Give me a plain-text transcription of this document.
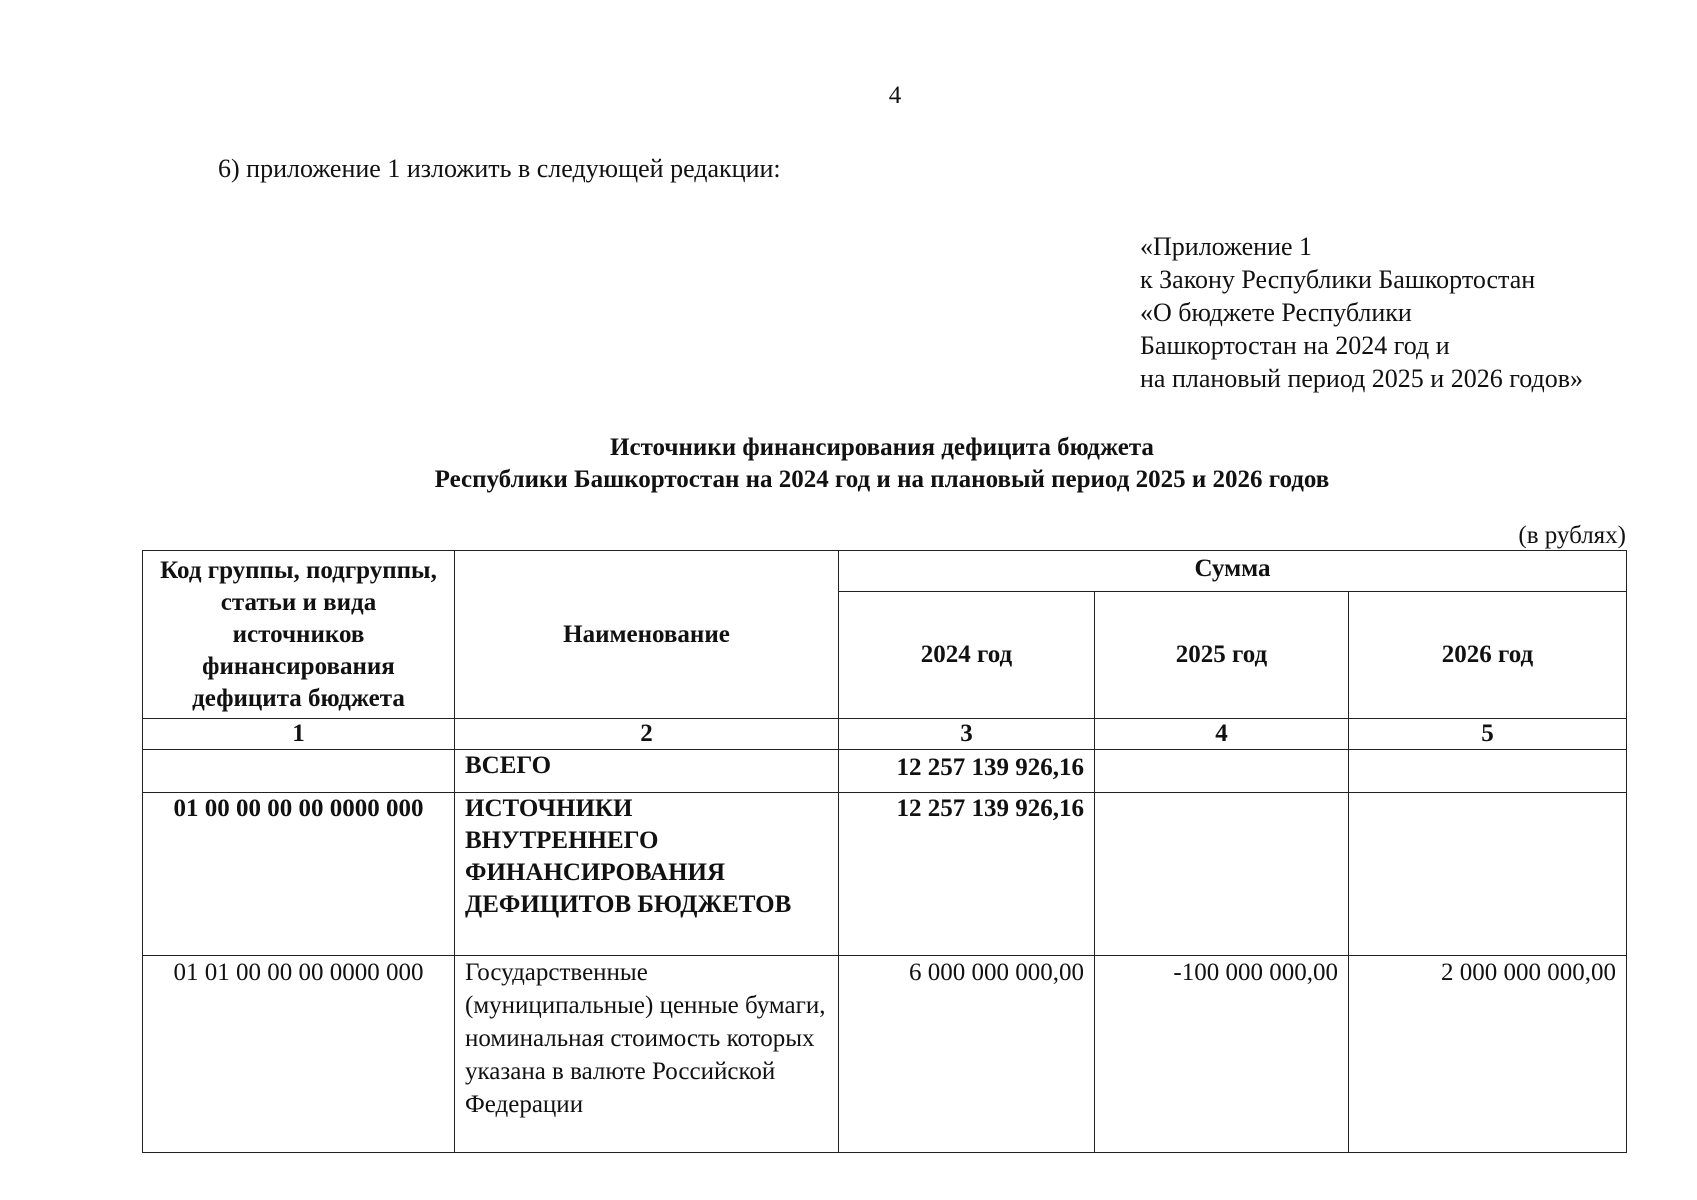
4
6) приложение 1 изложить в следующей редакции:
«Приложение 1
к Закону Республики Башкортостан
«О бюджете Республики
Башкортостан на 2024 год и
на плановый период 2025 и 2026 годов»
Источники финансирования дефицита бюджета
Республики Башкортостан на 2024 год и на плановый период 2025 и 2026 годов
(в рублях)
Код группы, подгруппы, статьи и вида источников финансирования дефицита бюджета	Наименование	Сумма		
		2024 год	2025 год	2026 год
1	2	3	4	5
	ВСЕГО	12 257 139 926,16		
01 00 00 00 00 0000 000	ИСТОЧНИКИ ВНУТРЕННЕГО ФИНАНСИРОВАНИЯ ДЕФИЦИТОВ БЮДЖЕТОВ	12 257 139 926,16		
01 01 00 00 00 0000 000	Государственные (муниципальные) ценные бумаги, номинальная стоимость которых указана в валюте Российской Федерации	6 000 000 000,00	-100 000 000,00	2 000 000 000,00
